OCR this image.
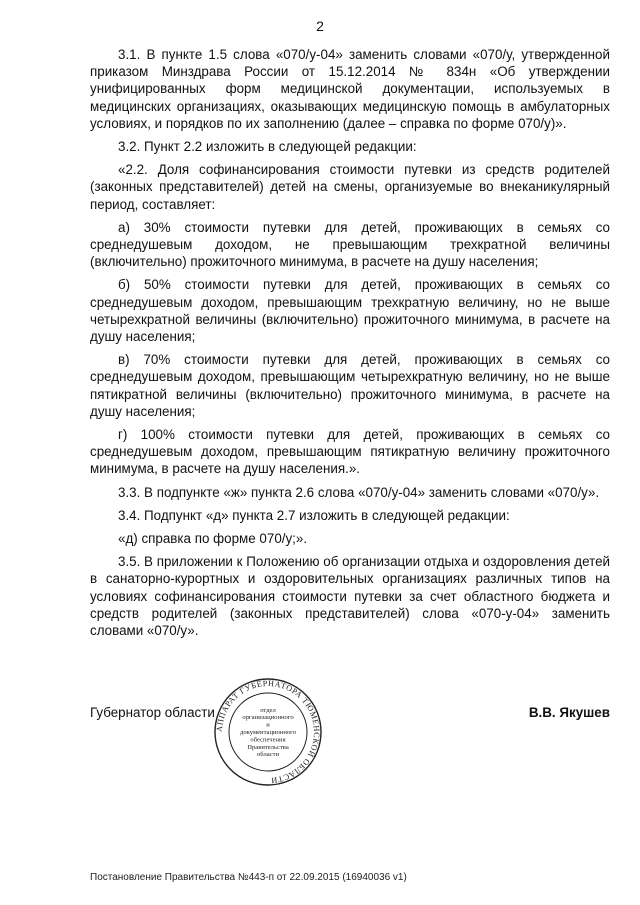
2

3.1. В пункте 1.5 слова «070/у-04» заменить словами «070/у, утвержденной приказом Минздрава России от 15.12.2014 № 834н «Об утверждении унифицированных форм медицинской документации, используемых в медицинских организациях, оказывающих медицинскую помощь в амбулаторных условиях, и порядков по их заполнению (далее – справка по форме 070/у)».

3.2. Пункт 2.2 изложить в следующей редакции:

«2.2. Доля софинансирования стоимости путевки из средств родителей (законных представителей) детей на смены, организуемые во внеканикулярный период, составляет:

а) 30% стоимости путевки для детей, проживающих в семьях со среднедушевым доходом, не превышающим трехкратной величины (включительно) прожиточного минимума, в расчете на душу населения;

б) 50% стоимости путевки для детей, проживающих в семьях со среднедушевым доходом, превышающим трехкратную величину, но не выше четырехкратной величины (включительно) прожиточного минимума, в расчете на душу населения;

в) 70% стоимости путевки для детей, проживающих в семьях со среднедушевым доходом, превышающим четырехкратную величину, но не выше пятикратной величины (включительно) прожиточного минимума, в расчете на душу населения;

г) 100% стоимости путевки для детей, проживающих в семьях со среднедушевым доходом, превышающим пятикратную величину прожиточного минимума, в расчете на душу населения.».

3.3. В подпункте «ж» пункта 2.6 слова «070/у-04» заменить словами «070/у».

3.4. Подпункт «д» пункта 2.7 изложить в следующей редакции:

«д) справка по форме 070/у;».

3.5. В приложении к Положению об организации отдыха и оздоровления детей в санаторно-курортных и оздоровительных организациях различных типов на условиях софинансирования стоимости путевки за счет областного бюджета и средств родителей (законных представителей) слова «070-у-04» заменить словами «070/у».

Губернатор области	В.В. Якушев
АППАРАТ ГУБЕРНАТОРА ТЮМЕНСКОЙ ОБЛАСТИ
отдел
организационного
и
документационного
обеспечения
Правительства
области
Постановление Правительства №443-п от 22.09.2015 (16940036 v1)
